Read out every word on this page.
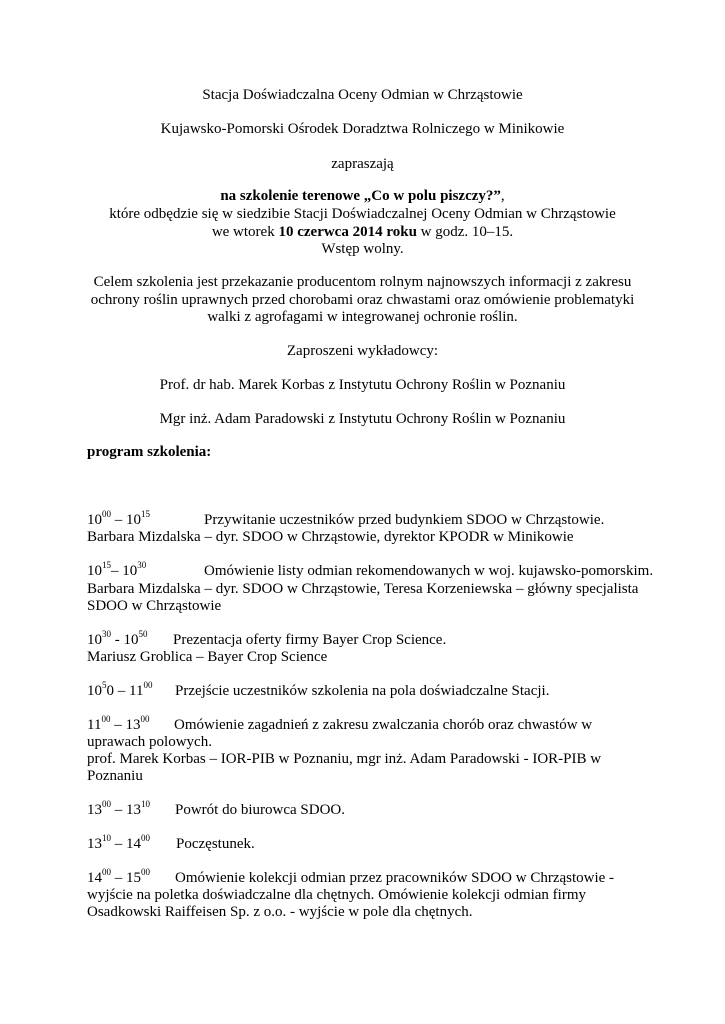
Stacja Doświadczalna Oceny Odmian w Chrząstowie
Kujawsko-Pomorski Ośrodek Doradztwa Rolniczego w Minikowie
zapraszają
na szkolenie terenowe „Co w polu piszczy?”,
które odbędzie się w siedzibie Stacji Doświadczalnej Oceny Odmian w Chrząstowie
we wtorek 10 czerwca 2014 roku w godz. 10–15.
Wstęp wolny.
Celem szkolenia jest przekazanie producentom rolnym najnowszych informacji z zakresu
ochrony roślin uprawnych przed chorobami oraz chwastami oraz omówienie problematyki
walki z agrofagami w integrowanej ochronie roślin.
Zaproszeni wykładowcy:
Prof. dr hab. Marek Korbas z Instytutu Ochrony Roślin w Poznaniu
Mgr inż. Adam Paradowski z Instytutu Ochrony Roślin w Poznaniu
program szkolenia:
$10^{00} - 10^{15}$	Przywitanie uczestników przed budynkiem SDOO w Chrząstowie.
Barbara Mizdalska – dyr. SDOO w Chrząstowie, dyrektor KPODR w Minikowie
$10^{15}-$ $10^{30}$	Omówienie listy odmian rekomendowanych w woj. kujawsko-pomorskim.
Barbara Mizdalska – dyr. SDOO w Chrząstowie, Teresa Korzeniewska – główny specjalista
SDOO w Chrząstowie
$10^{30} - 10^{50}$ Prezentacja oferty firmy Bayer Crop Science.
Mariusz Groblica – Bayer Crop Science
$10^50 - 11^{00}$ Przejście uczestników szkolenia na pola doświadczalne Stacji.
$11^{00} - 13^{00}$ Omówienie zagadnień z zakresu zwalczania chorób oraz chwastów w
uprawach polowych.
prof. Marek Korbas – IOR-PIB w Poznaniu, mgr inż. Adam Paradowski - IOR-PIB w
Poznaniu
$13^{00} - 13^{10}$ Powrót do biurowca SDOO.
$13^{10} - 14^{00}$ Poczęstunek.
$14^{00} - 15^{00}$ Omówienie kolekcji odmian przez pracowników SDOO w Chrząstowie -
wyjście na poletka doświadczalne dla chętnych. Omówienie kolekcji odmian firmy
Osadkowski Raiffeisen Sp. z o.o. - wyjście w pole dla chętnych.
